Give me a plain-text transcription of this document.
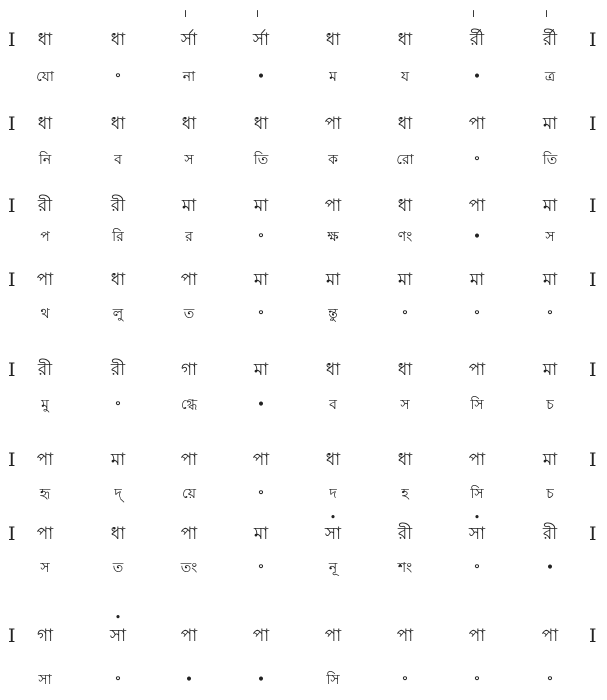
I	I
ধা	ধা	র্সা	র্সা	ধা	ধা	র্রী	র্রী
যো	॰	না	•	ম	য	•	ত্র
I	I
ধা	ধা	ধা	ধা	পা	ধা	পা	মা
নি	ব	স	তি	ক	রো	॰	তি
I	I
রী	রী	মা	মা	পা	ধা	পা	মা
প	রি	র	॰	ক্ষ	ণং	•	স
I	I
পা	ধা	পা	মা	মা	মা	মা	মা
থ	লু	ত	॰	ন্তু	॰	॰	॰
I	I
রী	রী	গা	মা	ধা	ধা	পা	মা
মু	॰	গ্ধে	•	ব	স	সি	চ
I	I
পা	মা	পা	পা	ধা	ধা	পা	মা
হৃ	দ্	য়ে	॰	দ	হ	সি	চ
I	I
পা	ধা	পা	মা	সা	রী	সা	রী
স	ত	তং	॰	নূ	শং	॰	•
I	I
গা	সা	পা	পা	পা	পা	পা	পা
সা	॰	•	•	সি	॰	॰	॰
।	।	।	।
•	•
•
